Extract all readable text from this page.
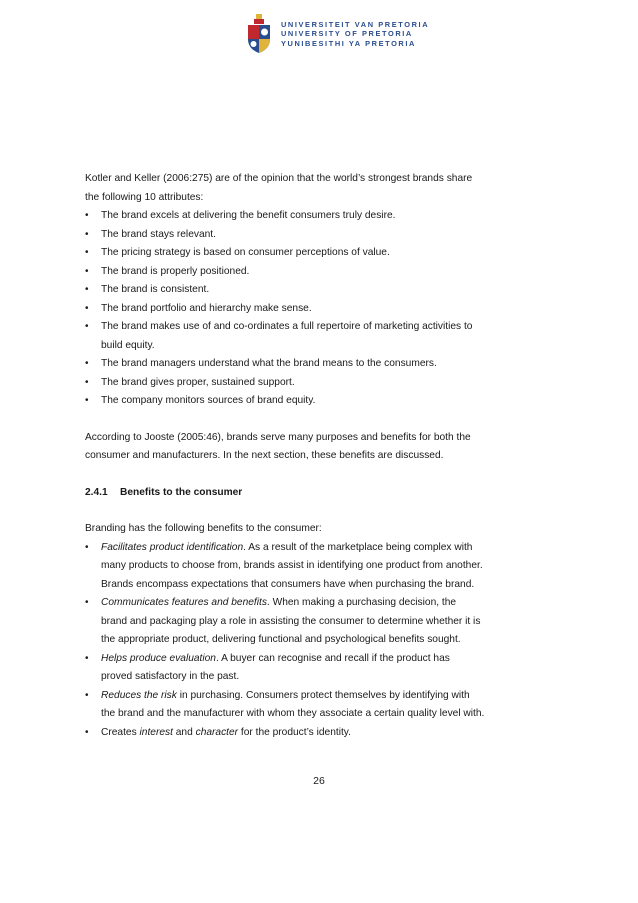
UNIVERSITEIT VAN PRETORIA
UNIVERSITY OF PRETORIA
YUNIBESITHI YA PRETORIA

Kotler and Keller (2006:275) are of the opinion that the world’s strongest brands share
the following 10 attributes:

• The brand excels at delivering the benefit consumers truly desire.
• The brand stays relevant.
• The pricing strategy is based on consumer perceptions of value.
• The brand is properly positioned.
• The brand is consistent.
• The brand portfolio and hierarchy make sense.
• The brand makes use of and co-ordinates a full repertoire of marketing activities to
build equity.
• The brand managers understand what the brand means to the consumers.
• The brand gives proper, sustained support.
• The company monitors sources of brand equity.

According to Jooste (2005:46), brands serve many purposes and benefits for both the
consumer and manufacturers. In the next section, these benefits are discussed.

2.4.1	Benefits to the consumer

Branding has the following benefits to the consumer:

• Facilitates product identification. As a result of the marketplace being complex with
many products to choose from, brands assist in identifying one product from another.
Brands encompass expectations that consumers have when purchasing the brand.
• Communicates features and benefits. When making a purchasing decision, the
brand and packaging play a role in assisting the consumer to determine whether it is
the appropriate product, delivering functional and psychological benefits sought.
• Helps produce evaluation. A buyer can recognise and recall if the product has
proved satisfactory in the past.
• Reduces the risk in purchasing. Consumers protect themselves by identifying with
the brand and the manufacturer with whom they associate a certain quality level with.
• Creates interest and character for the product’s identity.
26
